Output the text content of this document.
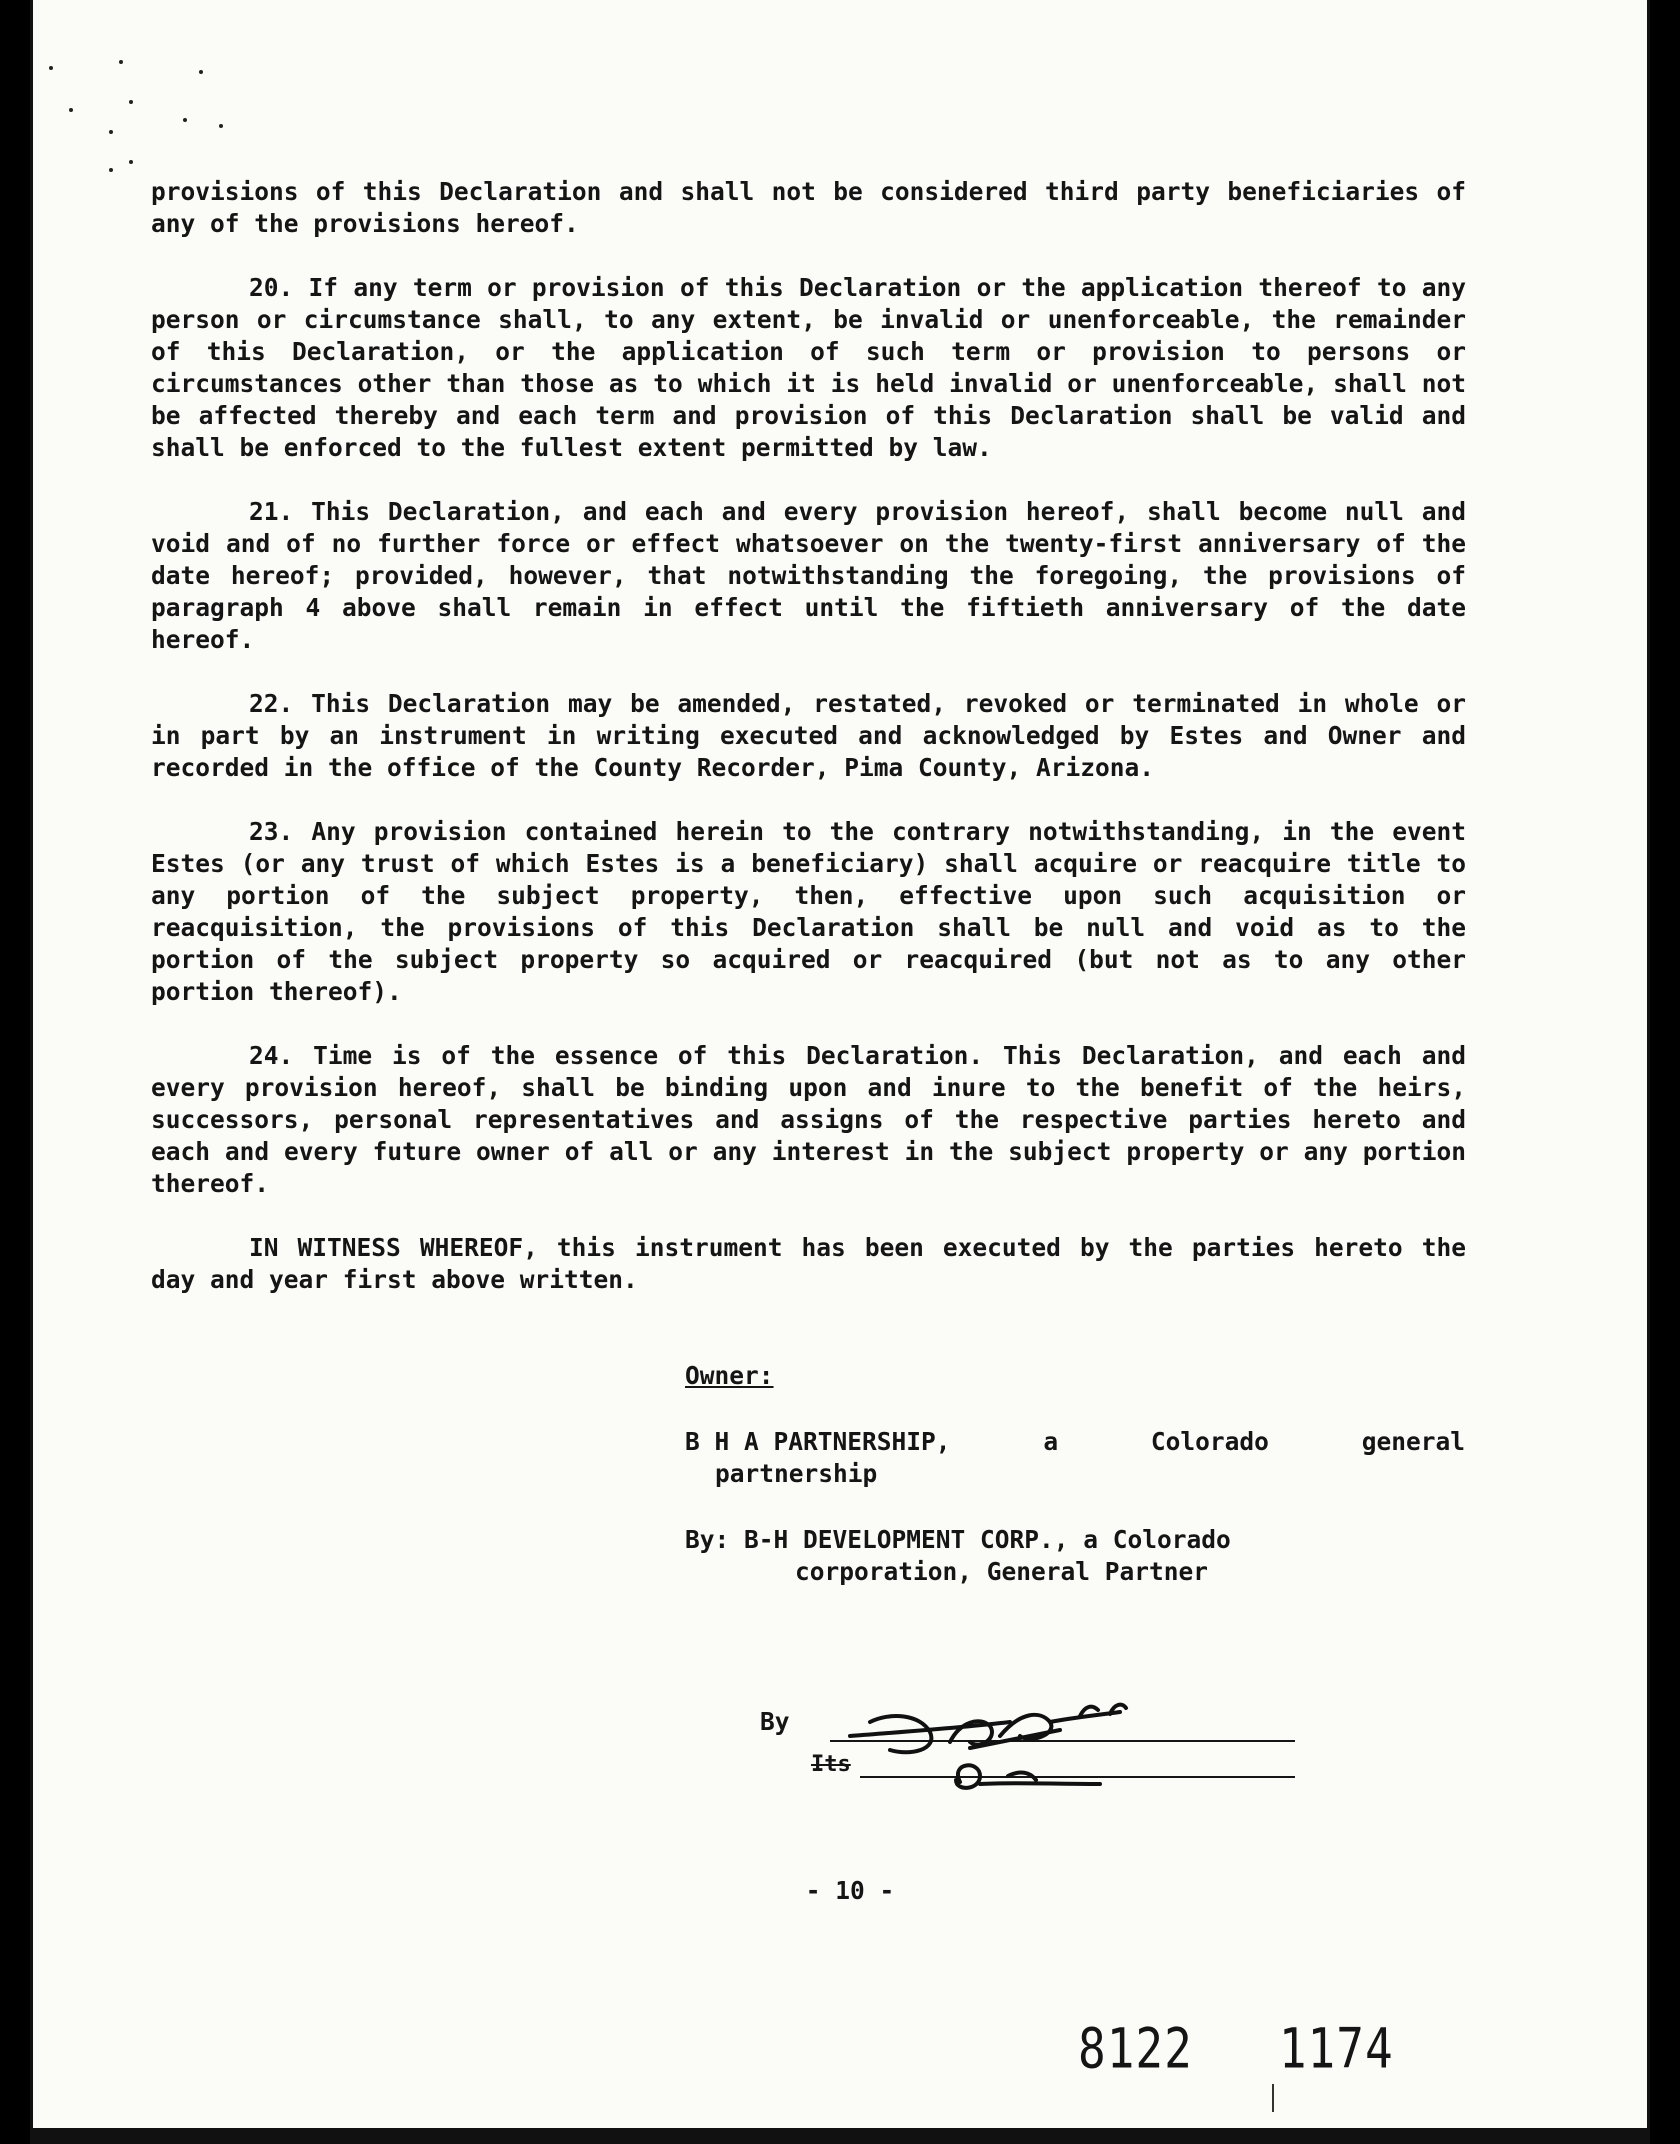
provisions of this Declaration and shall not be considered third party beneficiaries of any of the provisions hereof.

20. If any term or provision of this Declaration or the application thereof to any person or circumstance shall, to any extent, be invalid or unenforceable, the remainder of this Declaration, or the application of such term or provision to persons or circumstances other than those as to which it is held invalid or unenforceable, shall not be affected thereby and each term and provision of this Declaration shall be valid and shall be enforced to the fullest extent permitted by law.

21. This Declaration, and each and every provision hereof, shall become null and void and of no further force or effect whatsoever on the twenty-first anniversary of the date hereof; provided, however, that notwithstanding the foregoing, the provisions of paragraph 4 above shall remain in effect until the fiftieth anniversary of the date hereof.

22. This Declaration may be amended, restated, revoked or terminated in whole or in part by an instrument in writing executed and acknowledged by Estes and Owner and recorded in the office of the County Recorder, Pima County, Arizona.

23. Any provision contained herein to the contrary notwithstanding, in the event Estes (or any trust of which Estes is a beneficiary) shall acquire or reacquire title to any portion of the subject property, then, effective upon such acquisition or reacquisition, the provisions of this Declaration shall be null and void as to the portion of the subject property so acquired or reacquired (but not as to any other portion thereof).

24. Time is of the essence of this Declaration. This Declaration, and each and every provision hereof, shall be binding upon and inure to the benefit of the heirs, successors, personal representatives and assigns of the respective parties hereto and each and every future owner of all or any interest in the subject property or any portion thereof.

IN WITNESS WHEREOF, this instrument has been executed by the parties hereto the day and year first above written.

Owner:
B H A PARTNERSHIP,	a	Colorado	general
partnership
By: B-H DEVELOPMENT CORP., a Colorado
corporation, General Partner
By
Its
- 10 -
8122   1174
